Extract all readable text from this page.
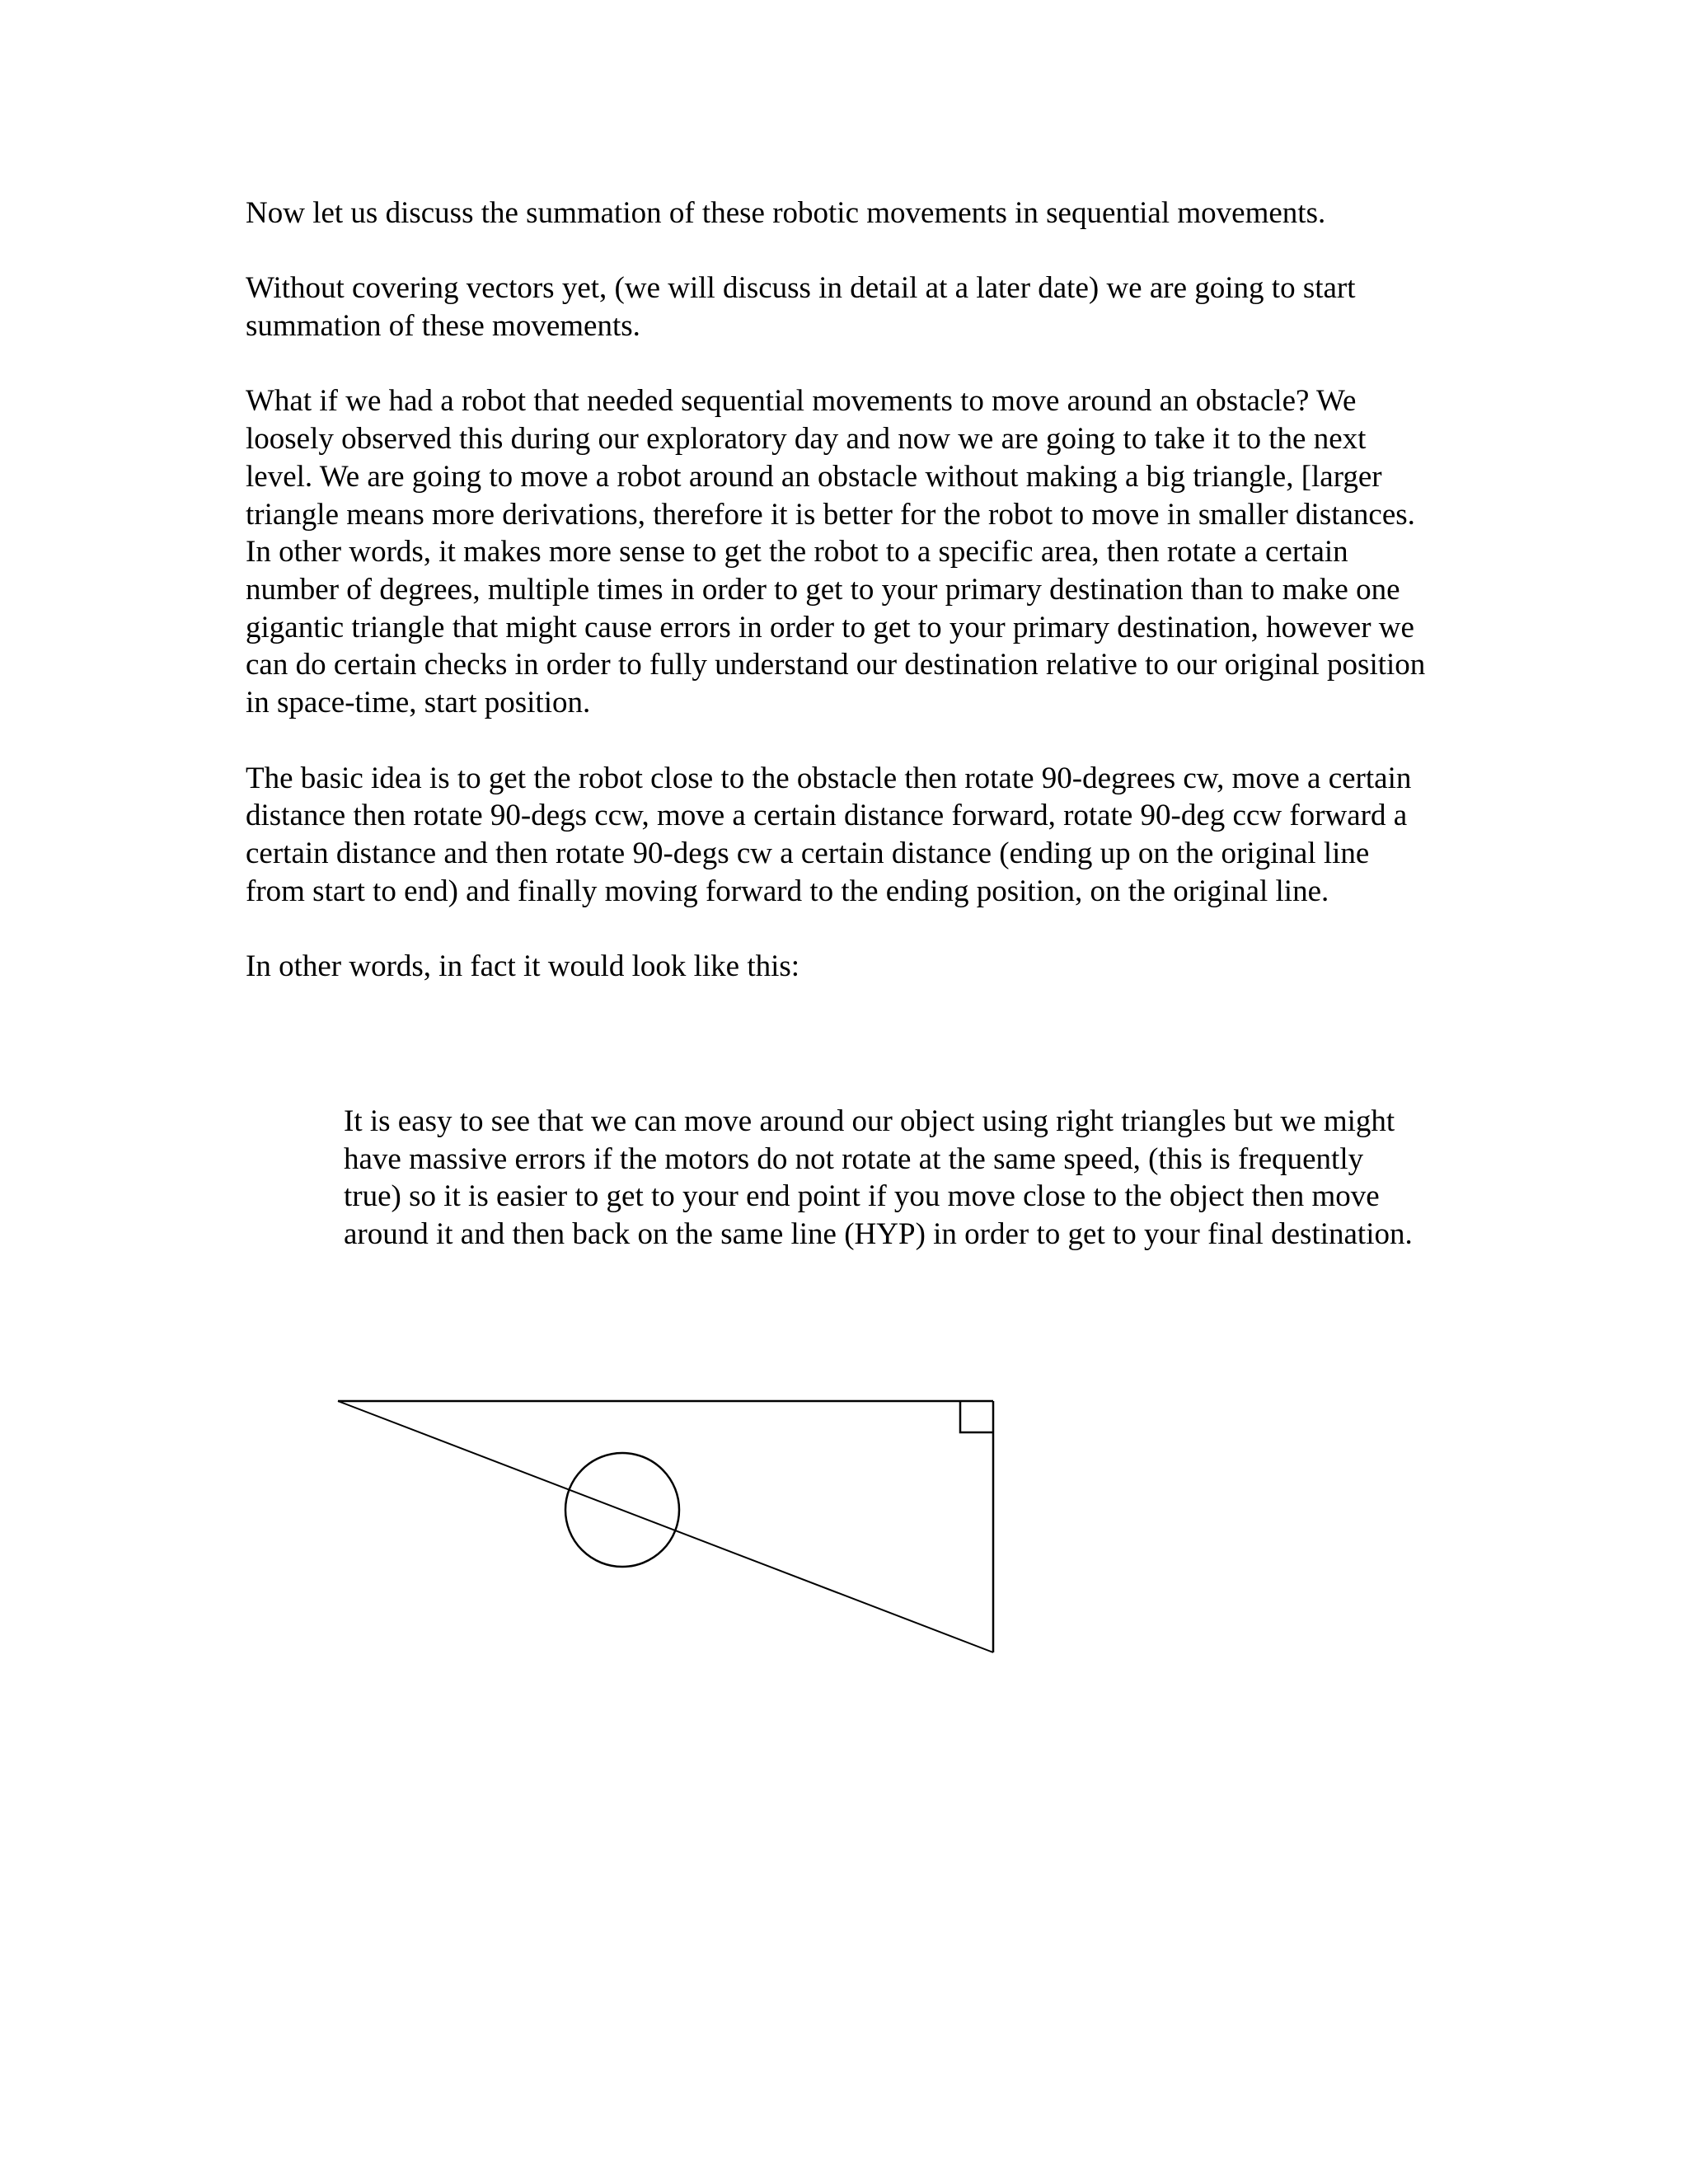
Now let us discuss the summation of these robotic movements in sequential movements.

Without covering vectors yet, (we will discuss in detail at a later date) we are going to start summation of these movements.

What if we had a robot that needed sequential movements to move around an obstacle? We loosely observed this during our exploratory day and now we are going to take it to the next level. We are going to move a robot around an obstacle without making a big triangle, [larger triangle means more derivations, therefore it is better for the robot to move in smaller distances. In other words, it makes more sense to get the robot to a specific area, then rotate a certain number of degrees, multiple times in order to get to your primary destination than to make one gigantic triangle that might cause errors in order to get to your primary destination, however we can do certain checks in order to fully understand our destination relative to our original position in space-time, start position.

The basic idea is to get the robot close to the obstacle then rotate 90-degrees cw, move a certain distance then rotate 90-degs ccw, move a certain distance forward, rotate 90-deg ccw forward a certain distance and then rotate 90-degs cw a certain distance (ending up on the original line from start to end) and finally moving forward to the ending position, on the original line.

In other words, in fact it would look like this:

It is easy to see that we can move around our object using right triangles but we might have massive errors if the motors do not rotate at the same speed, (this is frequently true) so it is easier to get to your end point if you move close to the object then move around it and then back on the same line (HYP) in order to get to your final destination.
